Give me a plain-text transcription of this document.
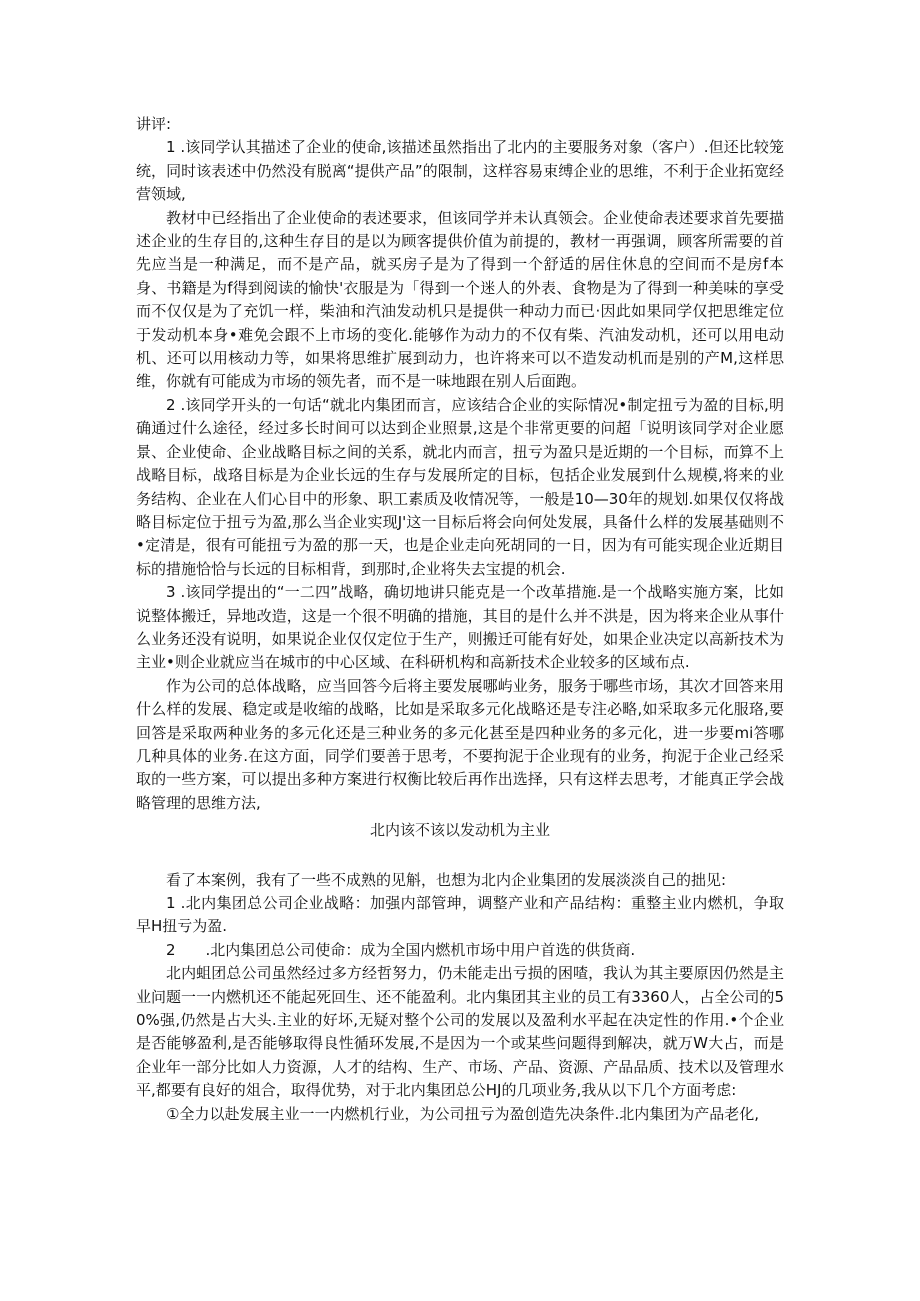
讲评:

1 .该同学认其描述了企业的使命,该描述虽然指出了北内的主要服务对象（客户）.但还比较笼统，同时该表述中仍然没有脱离“提供产品”的限制，这样容易束缚企业的思维，不利于企业拓宽经营领域,

教材中已经指出了企业使命的表述要求，但该同学并未认真领会。企业使命表述要求首先要描述企业的生存目的,这种生存目的是以为顾客提供价值为前提的，教材一再强调，顾客所需要的首先应当是一种满足，而不是产品，就买房子是为了得到一个舒适的居住休息的空间而不是房f本身、书籍是为f得到阅读的愉快'衣服是为「得到一个迷人的外表、食物是为了得到一种美味的享受而不仅仅是为了充饥一样，柴油和汽油发动机只是提供一种动力而已·因此如果同学仅把思维定位于发动机本身•难免会跟不上市场的变化.能够作为动力的不仅有柴、汽油发动机，还可以用电动机、还可以用核动力等，如果将思维扩展到动力，也许将来可以不造发动机而是别的产M,这样思维，你就有可能成为市场的领先者，而不是一味地跟在别人后面跑。

2 .该同学开头的一句话“就北内集团而言，应该结合企业的实际情况•制定扭亏为盈的目标,明确通过什么途径，经过多长时间可以达到企业照景,这是个非常更要的问超「说明该同学对企业愿景、企业使命、企业战略目标之间的关系，就北内而言，扭亏为盈只是近期的一个目标，而算不上战略目标，战珞目标是为企业长远的生存与发展所定的目标，包括企业发展到什么规模,将来的业务结构、企业在人们心目中的形象、职工素质及收情况等，一般是10—30年的规划.如果仅仅将战略目标定位于扭亏为盈,那么当企业实现J'这一目标后将会向何处发展，具备什么样的发展基础则不•定清是，很有可能扭亏为盈的那一天，也是企业走向死胡同的一日，因为有可能实现企业近期目标的措施恰恰与长远的目标相背，到那时,企业将失去宝提的机会.

3 .该同学提出的“一二四”战略，确切地讲只能克是一个改革措施.是一个战略实施方案，比如说整体搬迁，异地改造，这是一个很不明确的措施，其目的是什么并不洪是，因为将来企业从事什么业务还没有说明，如果说企业仅仅定位于生产，则搬迁可能有好处，如果企业决定以高新技术为主业•则企业就应当在城市的中心区域、在科研机构和高新技术企业较多的区域布点.

作为公司的总体战略，应当回答今后将主要发展哪屿业务，服务于哪些市场，其次才回答来用什么样的发展、稳定或是收缩的战略，比如是采取多元化战略还是专注必略,如采取多元化服珞,要回答是采取两种业务的多元化还是三种业务的多元化甚至是四种业务的多元化，进一步要mi答哪几种具体的业务.在这方面，同学们要善于思考，不要拘泥于企业现有的业务，拘泥于企业己经采取的一些方案，可以提出多种方案进行权衡比较后再作出选择，只有这样去思考，才能真正学会战略管理的思维方法,

北内该不该以发动机为主业

看了本案例，我有了一些不成熟的见斛，也想为北内企业集团的发展淡淡自己的拙见:

1 .北内集团总公司企业战略：加强内部管珅，调整产业和产品结构：重整主业内燃机，争取早H扭亏为盈.

2　　.北内集团总公司使命：成为全国内燃机市场中用户首选的供货商.

北内蛆团总公司虽然经过多方经哲努力，仍未能走出亏损的困喳，我认为其主要原因仍然是主业问题一一内燃机还不能起死回生、还不能盈利。北内集团其主业的员工有3360人，占全公司的50%强,仍然是占大头.主业的好坏,无疑对整个公司的发展以及盈利水平起在决定性的作用.•个企业是否能够盈利,是否能够取得良性循环发展,不是因为一个或某些问题得到解决，就万W大占，而是企业年一部分比如人力资源，人才的结构、生产、市场、产品、资源、产品品质、技术以及管理水平,都要有良好的俎合，取得优势，对于北内集团总公HJ的几项业务,我从以下几个方面考虑:

①全力以赴发展主业一一内燃机行业，为公司扭亏为盈创造先决条件.北内集团为产品老化,
